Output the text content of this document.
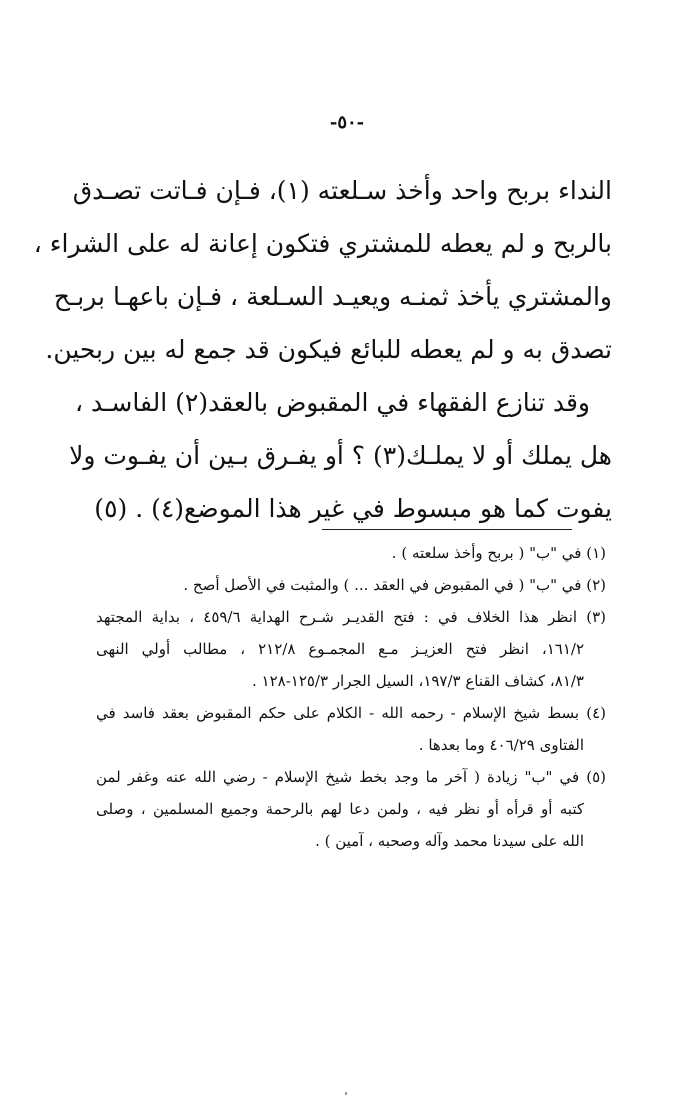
-٥٠-
النداء بربح واحد وأخذ سـلعته (١)، فـإن فـاتت تصـدق
بالربح و لم يعطه للمشتري فتكون إعانة له على الشراء ،
والمشتري يأخذ ثمنـه ويعيـد السـلعة ، فـإن باعهـا بربـح
تصدق به و لم يعطه للبائع فيكون قد جمع له بين ربحين.
وقد تنازع الفقهاء في المقبوض بالعقد(٢) الفاسـد ،
هل يملك أو لا يملـك(٣) ؟ أو يفـرق بـين أن يفـوت ولا
يفوت كما هو مبسوط في غير هذا الموضع(٤) . (٥)
(١) في "ب" ( بربح وأخذ سلعته ) .
(٢) في "ب" ( في المقبوض في العقد ... ) والمثبت في الأصل أصح .
(٣) انظر هذا الخلاف في : فتح القديـر شـرح الهداية ٤٥٩/٦ ، بداية المجتهد
١٦١/٢، انظر فتح العزيـز مـع المجمـوع ٢١٢/٨ ، مطالب أولي النهى
٨١/٣، كشاف القناع ١٩٧/٣، السيل الجرار ١٢٥/٣-١٢٨ .
(٤) بسط شيخ الإسلام - رحمه الله - الكلام على حكم المقبوض بعقد فاسد في
الفتاوى ٤٠٦/٢٩ وما بعدها .
(٥) في "ب" زيادة ( آخر ما وجد بخط شيخ الإسلام - رضي الله عنه وغفر لمن
كتبه أو قرأه أو نظر فيه ، ولمن دعا لهم بالرحمة وجميع المسلمين ، وصلى
الله على سيدنا محمد وآله وصحبه ، آمين ) .
